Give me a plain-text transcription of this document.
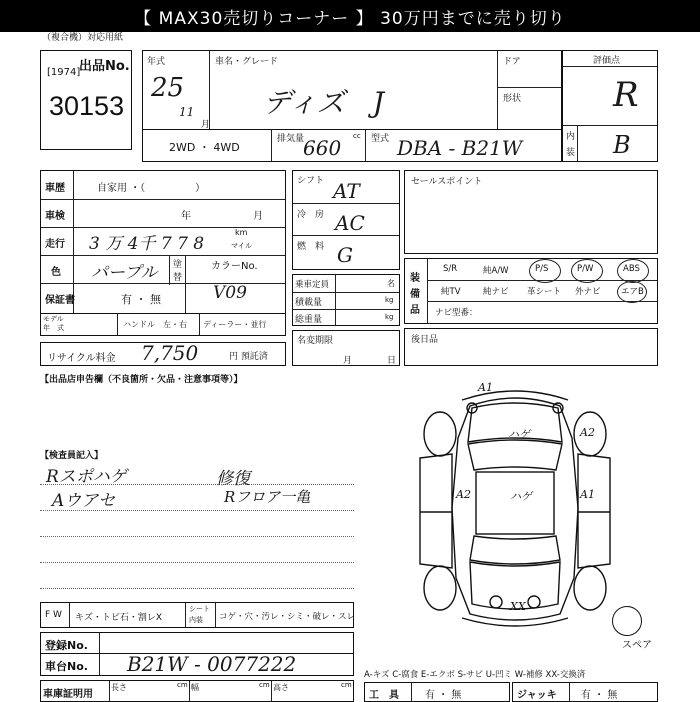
【 MAX30売切りコーナー 】 30万円までに売り切り
（複合機）対応用紙
出品No.
[1974]
30153
年式
25
11
月
車名・グレード
ディズ　J
ドア
形状
2WD ・ 4WD
排気量
660 cc 型式 DBA - B21W
評価点
R
内
装 B
車歴	自家用 ・（　　　　　）
車検	年	月
走行 3 万 4千 7 7 8
km
マイル
色 パープル 塗
替
カラーNo.
V09
保証書	有 ・ 無
モデル
年　式	ハンドル　左・右 ディーラー・並行
リサイクル料金 7,750	円 預託済
シフト AT
冷　房 AC
燃　料 G
乗車定員	名
積載量	kg
総重量	kg
名変期限
月	日
セールスポイント
装
備
品
S/R	純A/W	P/S	P/W	ABS
純TV	純ナビ 革シート 外ナビ エアB
ナビ型番：
後日品
【出品店申告欄（不良箇所・欠品・注意事項等）】
【検査員記入】
Rスポハゲ	修復
Aウアセ	Rフロア一亀
F W キズ・トビ石・割レX
シート
内装 コゲ・穴・汚レ・シミ・破レ・スレ
登録No.
車台No. B21W - 0077222
車庫証明用
長さ	cm 幅	cm 高さ	cm
A1
A2
ハゲ
A2	A1
ハゲ
XX
スペア
A-キズ C-腐食 E-エクボ S-サビ U-凹ミ W-補修 XX-交換済
工　具	有 ・ 無	ジャッキ 有 ・ 無
